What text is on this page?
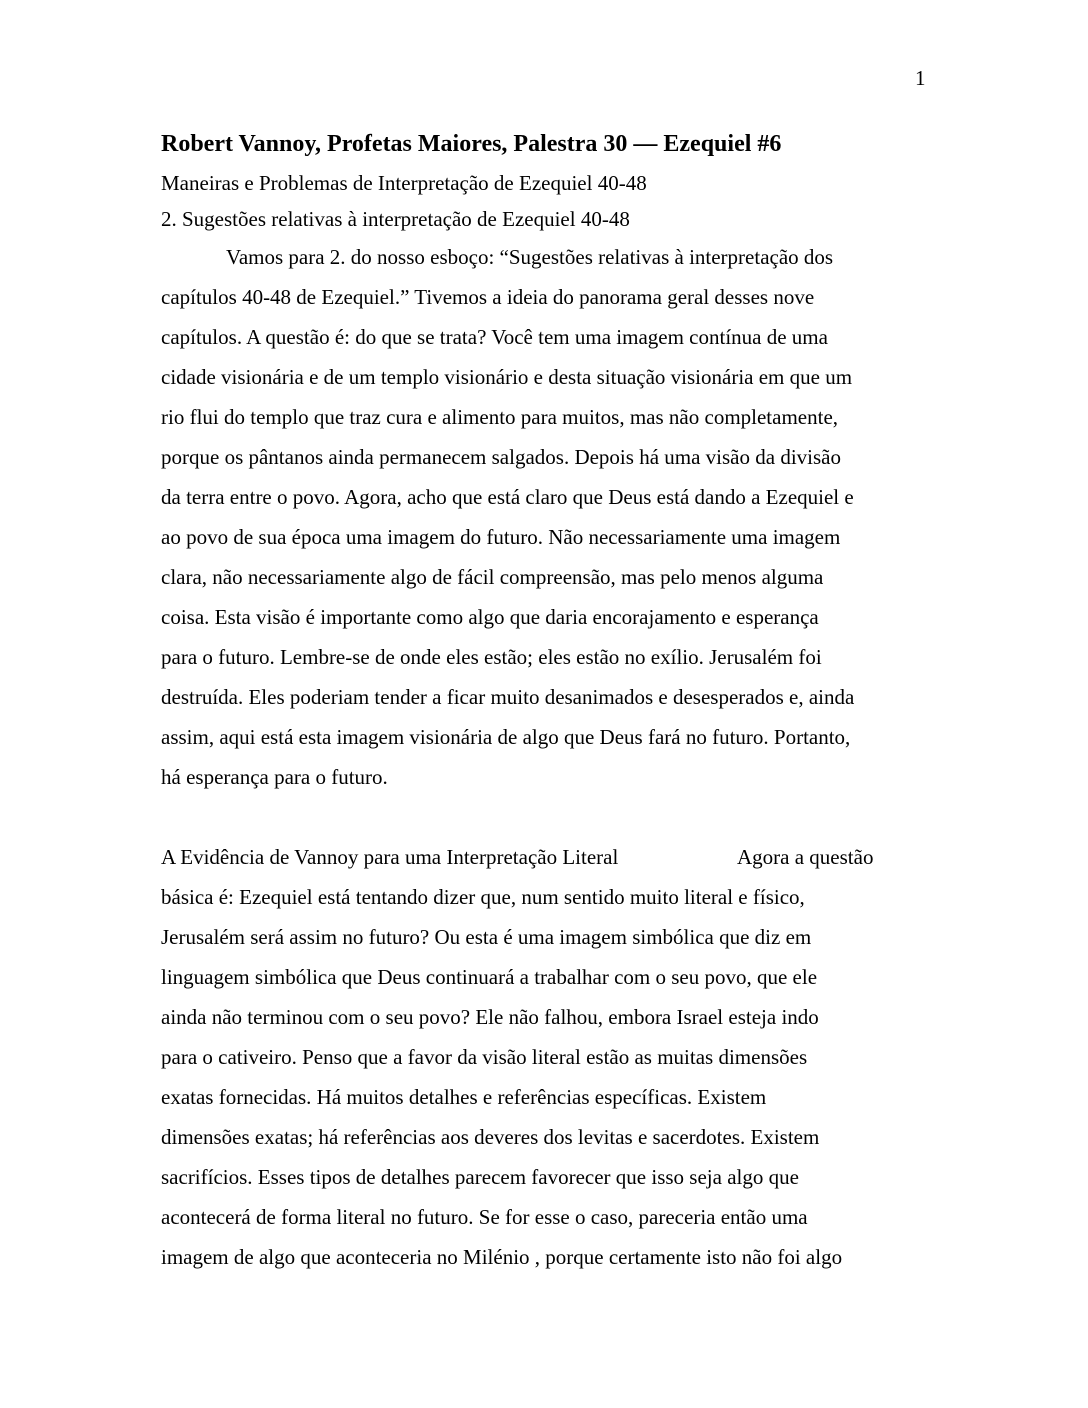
1
Robert Vannoy, Profetas Maiores, Palestra 30 — Ezequiel #6
Maneiras e Problemas de Interpretação de Ezequiel 40-48
2. Sugestões relativas à interpretação de Ezequiel 40-48
Vamos para 2. do nosso esboço: “Sugestões relativas à interpretação dos
capítulos 40-48 de Ezequiel.” Tivemos a ideia do panorama geral desses nove
capítulos. A questão é: do que se trata? Você tem uma imagem contínua de uma
cidade visionária e de um templo visionário e desta situação visionária em que um
rio flui do templo que traz cura e alimento para muitos, mas não completamente,
porque os pântanos ainda permanecem salgados. Depois há uma visão da divisão
da terra entre o povo. Agora, acho que está claro que Deus está dando a Ezequiel e
ao povo de sua época uma imagem do futuro. Não necessariamente uma imagem
clara, não necessariamente algo de fácil compreensão, mas pelo menos alguma
coisa. Esta visão é importante como algo que daria encorajamento e esperança
para o futuro. Lembre-se de onde eles estão; eles estão no exílio. Jerusalém foi
destruída. Eles poderiam tender a ficar muito desanimados e desesperados e, ainda
assim, aqui está esta imagem visionária de algo que Deus fará no futuro. Portanto,
há esperança para o futuro.
A Evidência de Vannoy para uma Interpretação Literal	Agora a questão
básica é: Ezequiel está tentando dizer que, num sentido muito literal e físico,
Jerusalém será assim no futuro? Ou esta é uma imagem simbólica que diz em
linguagem simbólica que Deus continuará a trabalhar com o seu povo, que ele
ainda não terminou com o seu povo? Ele não falhou, embora Israel esteja indo
para o cativeiro. Penso que a favor da visão literal estão as muitas dimensões
exatas fornecidas. Há muitos detalhes e referências específicas. Existem
dimensões exatas; há referências aos deveres dos levitas e sacerdotes. Existem
sacrifícios. Esses tipos de detalhes parecem favorecer que isso seja algo que
acontecerá de forma literal no futuro. Se for esse o caso, pareceria então uma
imagem de algo que aconteceria no Milénio , porque certamente isto não foi algo
